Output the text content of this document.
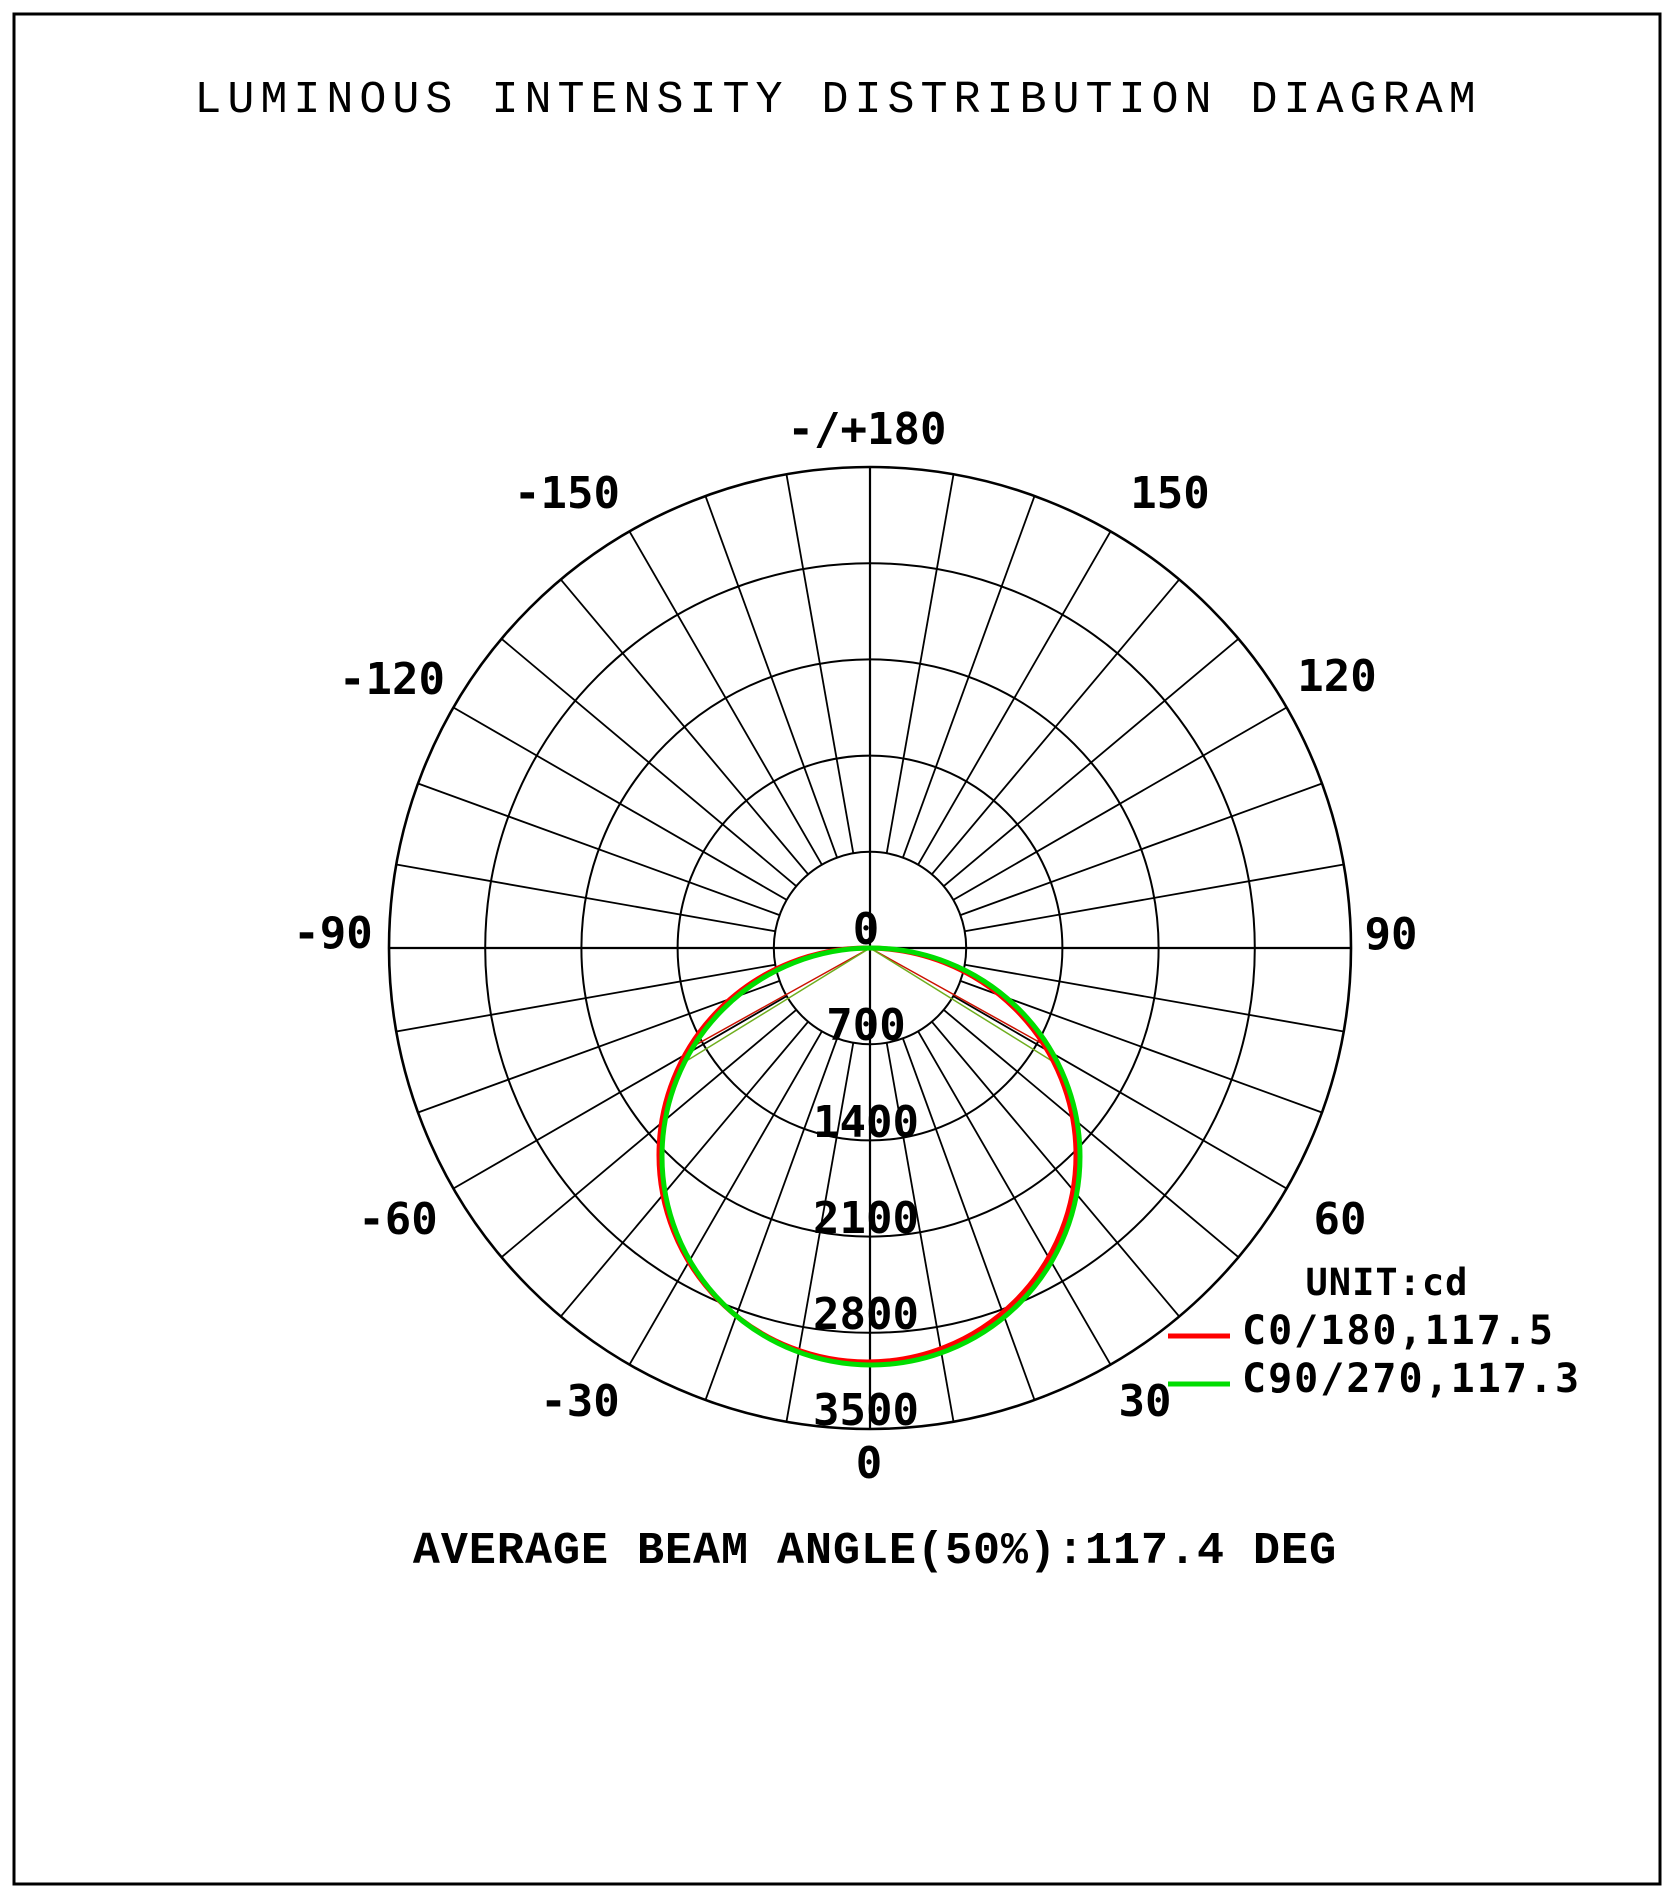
LUMINOUS INTENSITY DISTRIBUTION DIAGRAM
-/+180
-150	150
-120	120
-90	90
-60	60
-30	30
0
700
1400
2100
2800
3500
UNIT:cd
C0/180,117.5
C90/270,117.3
0
AVERAGE BEAM ANGLE(50%):117.4 DEG
